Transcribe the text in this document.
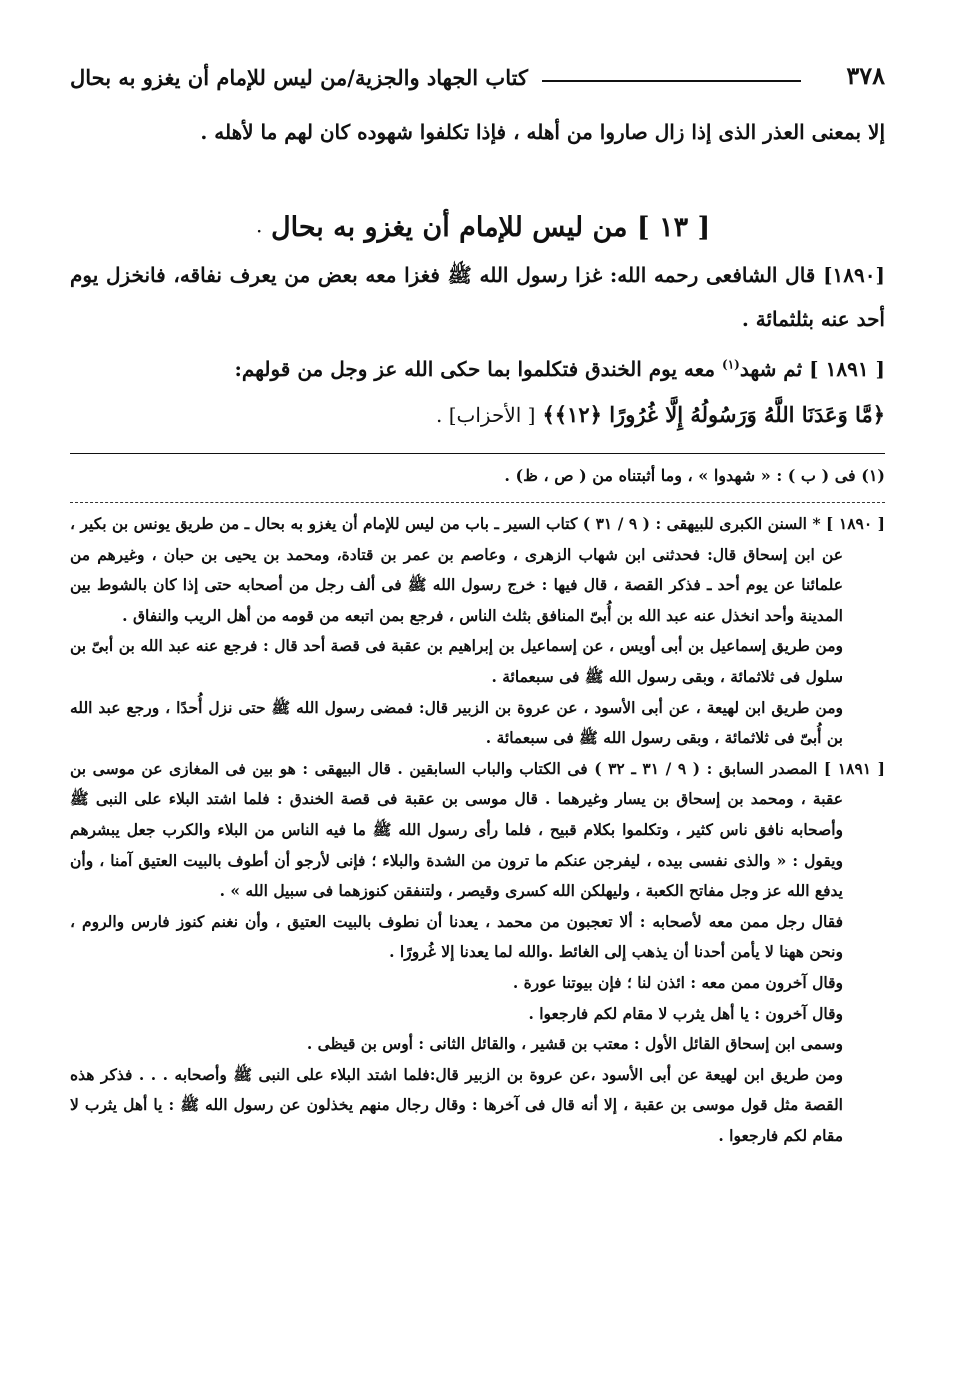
٣٧٨
كتاب الجهاد والجزية/من ليس للإمام أن يغزو به بحال

إلا بمعنى العذر الذى إذا زال صاروا من أهله ، فإذا تكلفوا شهوده كان لهم ما لأهله .

[ ١٣ ] من ليس للإمام أن يغزو به بحال ·

[١٨٩٠] قال الشافعى رحمه الله: غزا رسول الله ﷺ فغزا معه بعض من يعرف نفاقه، فانخزل يوم أحد عنه بثلثمائة .

[ ١٨٩١ ] ثم شهد$^{(١)}$ معه يوم الخندق فتكلموا بما حكى الله عز وجل من قولهم:

﴿مَّا وَعَدَنَا اللَّهُ وَرَسُولُهُ إِلَّا غُرُورًا ﴿١٢﴾﴾ [ الأحزاب] .

(١) فى ( ب ) : « شهدوا » ، وما أثبتناه من ( ص ، ظ) .

[ ١٨٩٠ ] * السنن الكبرى للبيهقى : ( ٩ / ٣١ ) كتاب السير ـ باب من ليس للإمام أن يغزو به بحال ـ من طريق يونس بن بكير ، عن ابن إسحاق قال: فحدثنى ابن شهاب الزهرى ، وعاصم بن عمر بن قتادة، ومحمد بن يحيى بن حبان ، وغيرهم من علمائنا عن يوم أحد ـ فذكر القصة ، قال فيها : خرج رسول الله ﷺ فى ألف رجل من أصحابه حتى إذا كان بالشوط بين المدينة وأحد انخذل عنه عبد الله بن أُبىّ المنافق بثلث الناس ، فرجع بمن اتبعه من قومه من أهل الريب والنفاق .

ومن طريق إسماعيل بن أبى أويس ، عن إسماعيل بن إبراهيم بن عقبة فى قصة أحد قال : فرجع عنه عبد الله بن أبىّ بن سلول فى ثلاثمائة ، وبقى رسول الله ﷺ فى سبعمائة .

ومن طريق ابن لهيعة ، عن أبى الأسود ، عن عروة بن الزبير قال: فمضى رسول الله ﷺ حتى نزل أُحدًا ، ورجع عبد الله بن أُبىّ فى ثلاثمائة ، وبقى رسول الله ﷺ فى سبعمائة .

[ ١٨٩١ ] المصدر السابق : ( ٩ / ٣١ ـ ٣٢ ) فى الكتاب والباب السابقين . قال البيهقى : هو بين فى المغازى عن موسى بن عقبة ، ومحمد بن إسحاق بن يسار وغيرهما . قال موسى بن عقبة فى قصة الخندق : فلما اشتد البلاء على النبى ﷺ وأصحابه نافق ناس كثير ، وتكلموا بكلام قبيح ، فلما رأى رسول الله ﷺ ما فيه الناس من البلاء والكرب جعل يبشرهم ويقول : « والذى نفسى بيده ، ليفرجن عنكم ما ترون من الشدة والبلاء ؛ فإنى لأرجو أن أطوف بالبيت العتيق آمنا ، وأن يدفع الله عز وجل مفاتح الكعبة ، وليهلكن الله كسرى وقيصر ، ولتنفقن كنوزهما فى سبيل الله » .

فقال رجل ممن معه لأصحابه : ألا تعجبون من محمد ، يعدنا أن نطوف بالبيت العتيق ، وأن نغنم كنوز فارس والروم ، ونحن ههنا لا يأمن أحدنا أن يذهب إلى الغائط .والله لما يعدنا إلا غُرورًا .

وقال آخرون ممن معه : ائذن لنا ؛ فإن بيوتنا عورة .

وقال آخرون : يا أهل يثرب لا مقام لكم فارجعوا .

وسمى ابن إسحاق القائل الأول : معتب بن قشير ، والقائل الثانى : أوس بن قيظى .

ومن طريق ابن لهيعة عن أبى الأسود ،عن عروة بن الزبير قال:فلما اشتد البلاء على النبى ﷺ وأصحابه . . . فذكر هذه القصة مثل قول موسى بن عقبة ، إلا أنه قال فى آخرها : وقال رجال منهم يخذلون عن رسول الله ﷺ : يا أهل يثرب لا مقام لكم فارجعوا .
